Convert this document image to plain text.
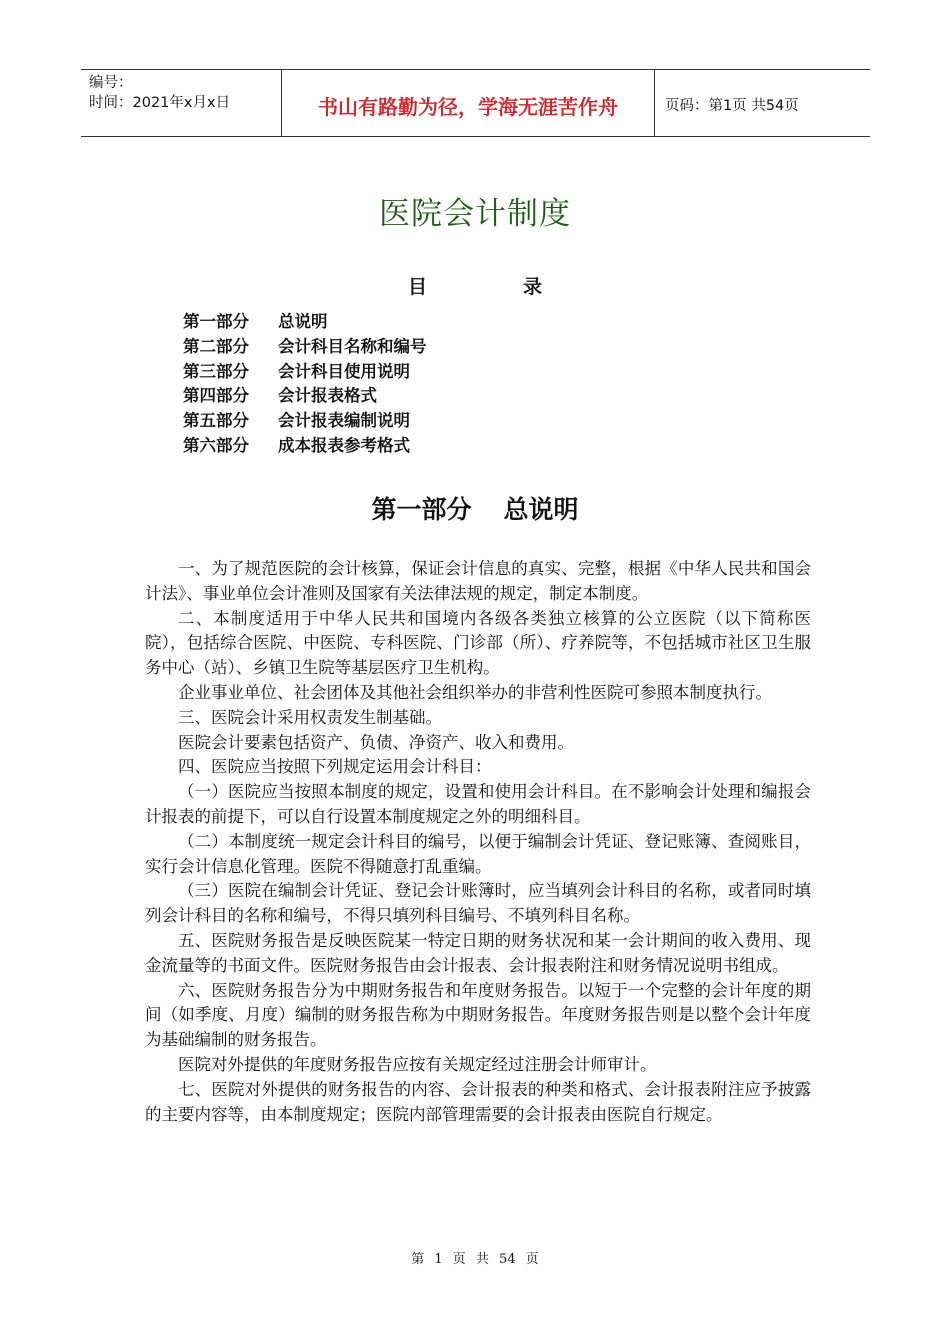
编号：
时间：2021年x月x日	书山有路勤为径，学海无涯苦作舟	页码：第1页 共54页
医院会计制度
目	录
第一部分 总说明
第二部分 会计科目名称和编号
第三部分 会计科目使用说明
第四部分 会计报表格式
第五部分 会计报表编制说明
第六部分 成本报表参考格式
第一部分 总说明

一、为了规范医院的会计核算，保证会计信息的真实、完整，根据《中华人民共和国会计法》、事业单位会计准则及国家有关法律法规的规定，制定本制度。

二、本制度适用于中华人民共和国境内各级各类独立核算的公立医院（以下简称医院），包括综合医院、中医院、专科医院、门诊部（所）、疗养院等，不包括城市社区卫生服务中心（站）、乡镇卫生院等基层医疗卫生机构。

企业事业单位、社会团体及其他社会组织举办的非营利性医院可参照本制度执行。

三、医院会计采用权责发生制基础。

医院会计要素包括资产、负债、净资产、收入和费用。

四、医院应当按照下列规定运用会计科目：

（一）医院应当按照本制度的规定，设置和使用会计科目。在不影响会计处理和编报会计报表的前提下，可以自行设置本制度规定之外的明细科目。

（二）本制度统一规定会计科目的编号，以便于编制会计凭证、登记账簿、查阅账目，实行会计信息化管理。医院不得随意打乱重编。

（三）医院在编制会计凭证、登记会计账簿时，应当填列会计科目的名称，或者同时填列会计科目的名称和编号，不得只填列科目编号、不填列科目名称。

五、医院财务报告是反映医院某一特定日期的财务状况和某一会计期间的收入费用、现金流量等的书面文件。医院财务报告由会计报表、会计报表附注和财务情况说明书组成。

六、医院财务报告分为中期财务报告和年度财务报告。以短于一个完整的会计年度的期间（如季度、月度）编制的财务报告称为中期财务报告。年度财务报告则是以整个会计年度为基础编制的财务报告。

医院对外提供的年度财务报告应按有关规定经过注册会计师审计。

七、医院对外提供的财务报告的内容、会计报表的种类和格式、会计报表附注应予披露的主要内容等，由本制度规定；医院内部管理需要的会计报表由医院自行规定。

第 1 页 共 54 页
